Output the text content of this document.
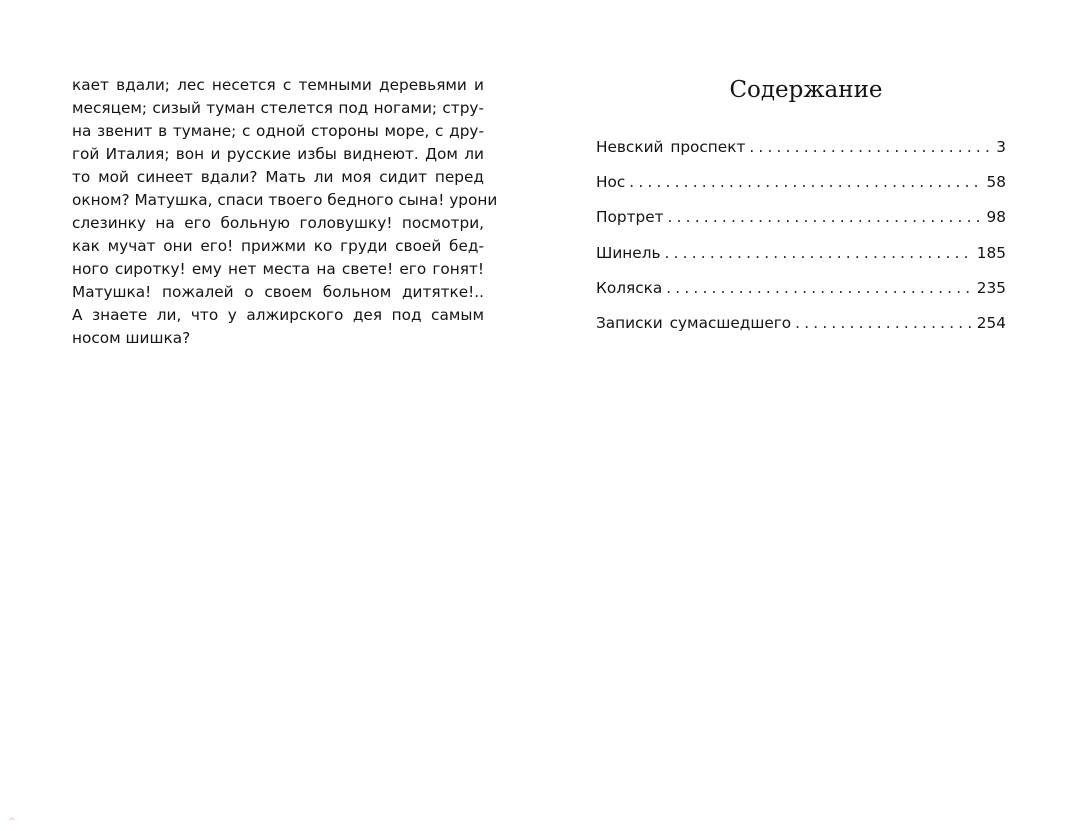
кает вдали; лес несется с темными деревьями и
месяцем; сизый туман стелется под ногами; стру-
на звенит в тумане; с одной стороны море, с дру-
гой Италия; вон и русские избы виднеют. Дом ли
то мой синеет вдали? Мать ли моя сидит перед
окном? Матушка, спаси твоего бедного сына! урони
слезинку на его больную головушку! посмотри,
как мучат они его! прижми ко груди своей бед-
ного сиротку! ему нет места на свете! его гонят!
Матушка! пожалей о своем больном дитятке!..
А знаете ли, что у алжирского дея под самым
носом шишка?
Содержание
Невский проспект .....	3
Нос .....	58
Портрет .....	98
Шинель .....	185
Коляска .....	235
Записки сумасшедшего .....	254
^
